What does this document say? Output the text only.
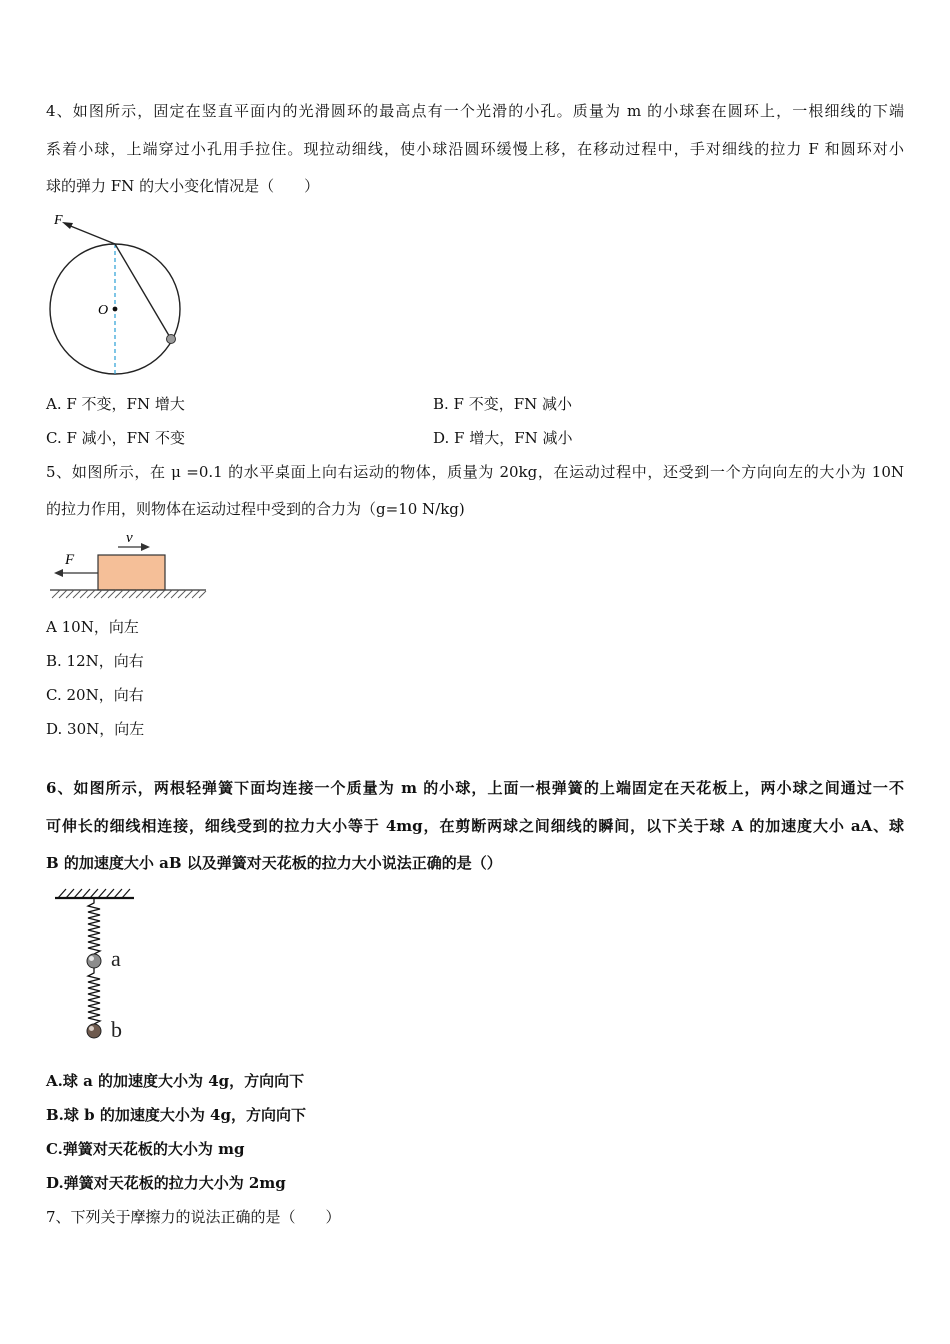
4、如图所示，固定在竖直平面内的光滑圆环的最高点有一个光滑的小孔。质量为 m 的小球套在圆环上，一根细线的下端
系着小球，上端穿过小孔用手拉住。现拉动细线，使小球沿圆环缓慢上移，在移动过程中，手对细线的拉力 F 和圆环对小
球的弹力 FN 的大小变化情况是（　　）
F
O
A. F 不变，FN 增大	B. F 不变，FN 减小
C. F 减小，FN 不变	D. F 增大，FN 减小
5、如图所示，在 μ =0.1 的水平桌面上向右运动的物体，质量为 20kg，在运动过程中，还受到一个方向向左的大小为 10N
的拉力作用，则物体在运动过程中受到的合力为（g=10 N/kg)
F
v
A 10N，向左
B. 12N，向右
C. 20N，向右
D. 30N，向左
6、如图所示，两根轻弹簧下面均连接一个质量为 m 的小球，上面一根弹簧的上端固定在天花板上，两小球之间通过一不
可伸长的细线相连接，细线受到的拉力大小等于 4mg，在剪断两球之间细线的瞬间，以下关于球 A 的加速度大小 aA、球
B 的加速度大小 aB 以及弹簧对天花板的拉力大小说法正确的是（）
a
b
A.球 a 的加速度大小为 4g，方向向下
B.球 b 的加速度大小为 4g，方向向下
C.弹簧对天花板的大小为 mg
D.弹簧对天花板的拉力大小为 2mg
7、下列关于摩擦力的说法正确的是（　　）
